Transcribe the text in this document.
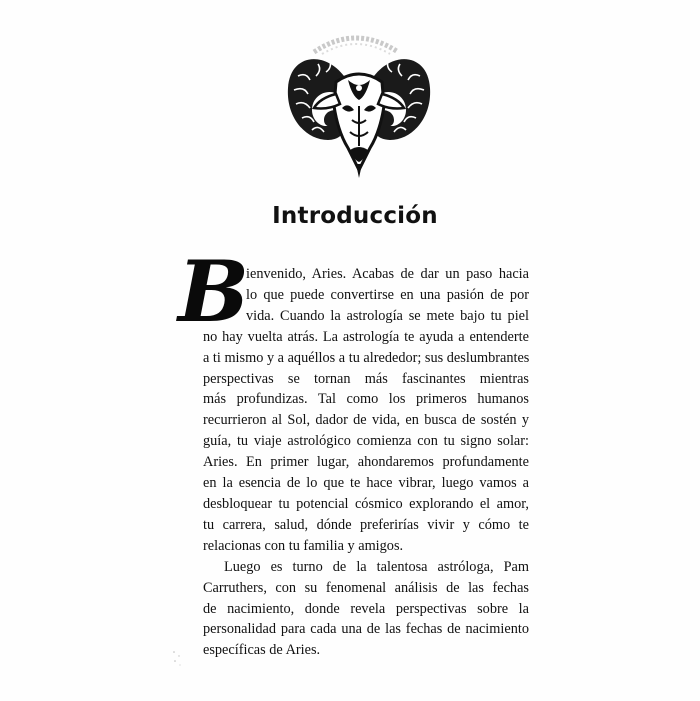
Introducción
B
ienvenido, Aries. Acabas de dar un paso hacia
lo que puede convertirse en una pasión de por
vida. Cuando la astrología se mete bajo tu piel
no hay vuelta atrás. La astrología te ayuda a entenderte
a ti mismo y a aquéllos a tu alrededor; sus deslumbrantes
perspectivas se tornan más fascinantes mientras
más profundizas. Tal como los primeros humanos
recurrieron al Sol, dador de vida, en busca de sostén y
guía, tu viaje astrológico comienza con tu signo solar:
Aries. En primer lugar, ahondaremos profundamente
en la esencia de lo que te hace vibrar, luego vamos a
desbloquear tu potencial cósmico explorando el amor,
tu carrera, salud, dónde preferirías vivir y cómo te
relacionas con tu familia y amigos.
Luego es turno de la talentosa astróloga, Pam
Carruthers, con su fenomenal análisis de las fechas
de nacimiento, donde revela perspectivas sobre la
personalidad para cada una de las fechas de nacimiento
específicas de Aries.
